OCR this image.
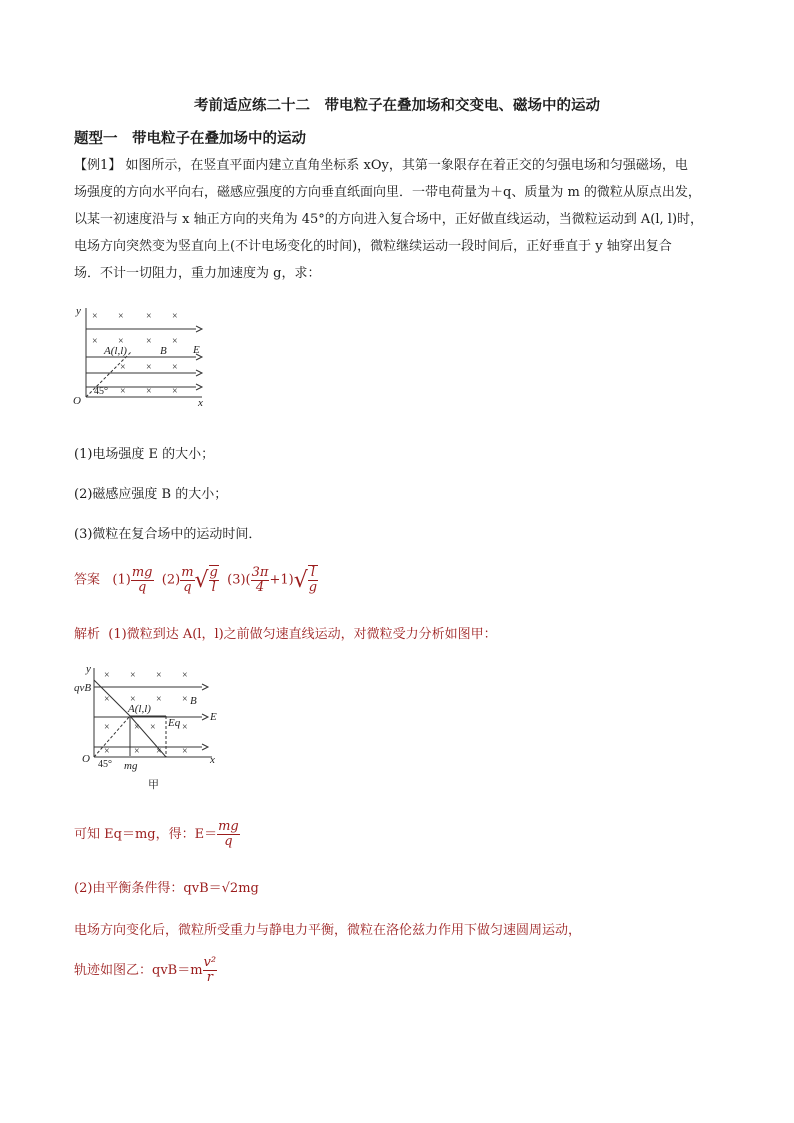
考前适应练二十二　带电粒子在叠加场和交变电、磁场中的运动
题型一　带电粒子在叠加场中的运动
【例1】 如图所示，在竖直平面内建立直角坐标系 xOy，其第一象限存在着正交的匀强电场和匀强磁场，电
场强度的方向水平向右，磁感应强度的方向垂直纸面向里．一带电荷量为＋q、质量为 m 的微粒从原点出发，
以某一初速度沿与 x 轴正方向的夹角为 45°的方向进入复合场中，正好做直线运动，当微粒运动到 A(l, l)时，
电场方向突然变为竖直向上(不计电场变化的时间)，微粒继续运动一段时间后，正好垂直于 y 轴穿出复合
场．不计一切阻力，重力加速度为 g，求：
× × × ×
× × × ×
× × ×
× × ×
y
x
O
A(l,l)	B E
45°
(1)电场强度 E 的大小；
(2)磁感应强度 B 的大小；
(3)微粒在复合场中的运动时间．
答案 $(1) \frac{mg}{q} (2) \frac{m}{q}$ √ $\frac{g}{l} (3)( \frac{3\pi}{4} +1)√ \frac{l}{g}$
解析 (1)微粒到达 A(l，l)之前做匀速直线运动，对微粒受力分析如图甲：
× × × ×
× × × ×
× × ×	×
× × × ×
y
x
O
qvB
A(l,l)
B
Eq	E
mg
45°
甲
可知 Eq＝mg，得：$E= \frac{mg}{q}$
(2)由平衡条件得：qvB＝√2mg
电场方向变化后，微粒所受重力与静电力平衡，微粒在洛伦兹力作用下做匀速圆周运动，
轨迹如图乙：$qvB=m \frac{\text{v²}}{r}$
